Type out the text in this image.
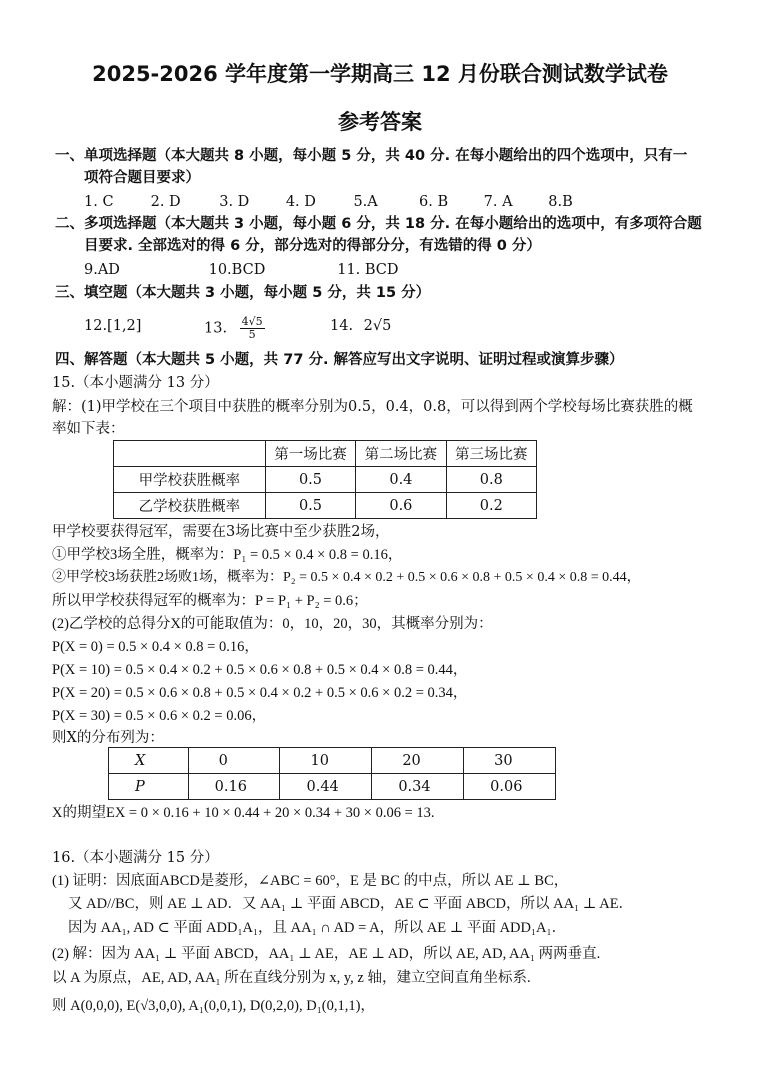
2025-2026 学年度第一学期高三 12 月份联合测试数学试卷
参考答案
一、单项选择题（本大题共 8 小题，每小题 5 分，共 40 分. 在每小题给出的四个选项中，只有一
项符合题目要求）
1. C	2. D	3. D	4. D	5.A	6. B 7. A 8.B
二、多项选择题（本大题共 3 小题，每小题 6 分，共 18 分. 在每小题给出的选项中，有多项符合题
目要求. 全部选对的得 6 分，部分选对的得部分分，有选错的得 0 分）
9.AD	10.BCD	11. BCD
三、填空题（本大题共 3 小题，每小题 5 分，共 15 分）
12.[1,2]	13. $\frac{4√5}{5}$	14. 2√5
四、解答题（本大题共 5 小题，共 77 分. 解答应写出文字说明、证明过程或演算步骤）
15.（本小题满分 13 分）
解：(1)甲学校在三个项目中获胜的概率分别为0.5，0.4，0.8，可以得到两个学校每场比赛获胜的概
率如下表：
	第一场比赛	第二场比赛	第三场比赛
甲学校获胜概率	0.5	0.4	0.8
乙学校获胜概率	0.5	0.6	0.2
甲学校要获得冠军，需要在3场比赛中至少获胜2场，
①甲学校3场全胜，概率为：P₁ = 0.5 × 0.4 × 0.8 = 0.16，
②甲学校3场获胜2场败1场，概率为：P₂ = 0.5 × 0.4 × 0.2 + 0.5 × 0.6 × 0.8 + 0.5 × 0.4 × 0.8 = 0.44，
所以甲学校获得冠军的概率为：P = P₁ + P₂ = 0.6；
(2)乙学校的总得分X的可能取值为：0，10，20，30，其概率分别为：
P(X = 0) = 0.5 × 0.4 × 0.8 = 0.16，
P(X = 10) = 0.5 × 0.4 × 0.2 + 0.5 × 0.6 × 0.8 + 0.5 × 0.4 × 0.8 = 0.44，
P(X = 20) = 0.5 × 0.6 × 0.8 + 0.5 × 0.4 × 0.2 + 0.5 × 0.6 × 0.2 = 0.34，
P(X = 30) = 0.5 × 0.6 × 0.2 = 0.06，
则X的分布列为：
X	0	10	20	30
P	0.16	0.44	0.34	0.06
X的期望EX = 0 × 0.16 + 10 × 0.44 + 20 × 0.34 + 30 × 0.06 = 13.
16.（本小题满分 15 分）
(1) 证明：因底面ABCD是菱形，∠ABC = 60°，E 是 BC 的中点，所以 AE ⊥ BC，
又 AD//BC，则 AE ⊥ AD．又 AA₁ ⊥ 平面 ABCD，AE ⊂ 平面 ABCD，所以 AA₁ ⊥ AE．
因为 AA₁, AD ⊂ 平面 ADD₁A₁，且 AA₁ ∩ AD = A，所以 AE ⊥ 平面 ADD₁A₁．
(2) 解：因为 AA₁ ⊥ 平面 ABCD，AA₁ ⊥ AE，AE ⊥ AD，所以 AE, AD, AA₁ 两两垂直.
以 A 为原点，AE, AD, AA₁ 所在直线分别为 x, y, z 轴，建立空间直角坐标系.
则 A(0,0,0), E(√3,0,0), A₁(0,0,1), D(0,2,0), D₁(0,1,1)，
